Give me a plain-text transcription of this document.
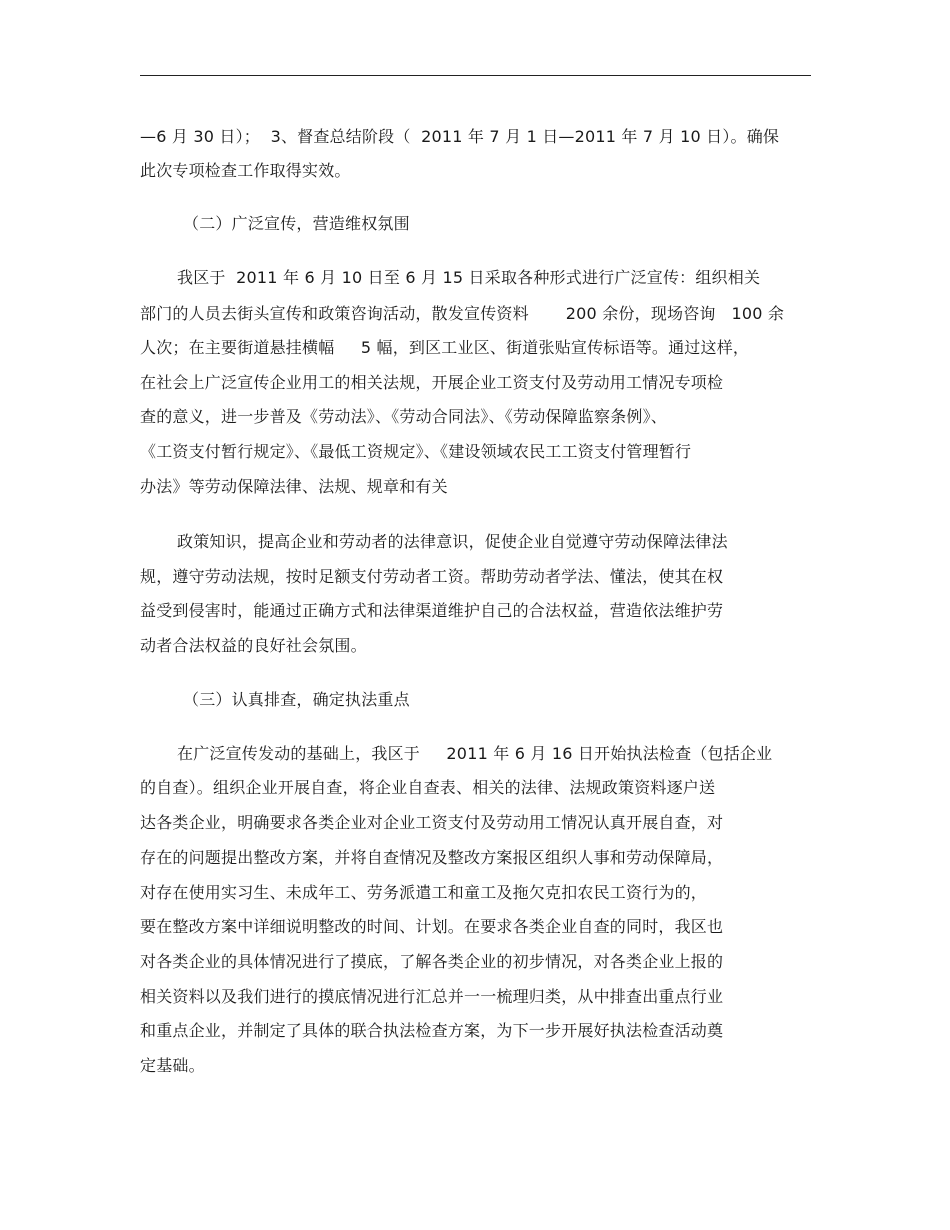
—6 月 30 日）；  3、督查总结阶段（  2011 年 7 月 1 日—2011 年 7 月 10 日）。确保
此次专项检查工作取得实效。
（二）广泛宣传，营造维权氛围
我区于  2011 年 6 月 10 日至 6 月 15 日采取各种形式进行广泛宣传：组织相关
部门的人员去街头宣传和政策咨询活动，散发宣传资料       200 余份，现场咨询   100 余
人次；在主要街道悬挂横幅     5 幅，到区工业区、街道张贴宣传标语等。通过这样，
在社会上广泛宣传企业用工的相关法规，开展企业工资支付及劳动用工情况专项检
查的意义，进一步普及《劳动法》、《劳动合同法》、《劳动保障监察条例》、
《工资支付暂行规定》、《最低工资规定》、《建设领域农民工工资支付管理暂行
办法》等劳动保障法律、法规、规章和有关
政策知识，提高企业和劳动者的法律意识，促使企业自觉遵守劳动保障法律法
规，遵守劳动法规，按时足额支付劳动者工资。帮助劳动者学法、懂法，使其在权
益受到侵害时，能通过正确方式和法律渠道维护自己的合法权益，营造依法维护劳
动者合法权益的良好社会氛围。
（三）认真排查，确定执法重点
在广泛宣传发动的基础上，我区于     2011 年 6 月 16 日开始执法检查（包括企业
的自查）。组织企业开展自查，将企业自查表、相关的法律、法规政策资料逐户送
达各类企业，明确要求各类企业对企业工资支付及劳动用工情况认真开展自查，对
存在的问题提出整改方案，并将自查情况及整改方案报区组织人事和劳动保障局，
对存在使用实习生、未成年工、劳务派遣工和童工及拖欠克扣农民工资行为的，
要在整改方案中详细说明整改的时间、计划。在要求各类企业自查的同时，我区也
对各类企业的具体情况进行了摸底，了解各类企业的初步情况，对各类企业上报的
相关资料以及我们进行的摸底情况进行汇总并一一梳理归类，从中排查出重点行业
和重点企业，并制定了具体的联合执法检查方案，为下一步开展好执法检查活动奠
定基础。
